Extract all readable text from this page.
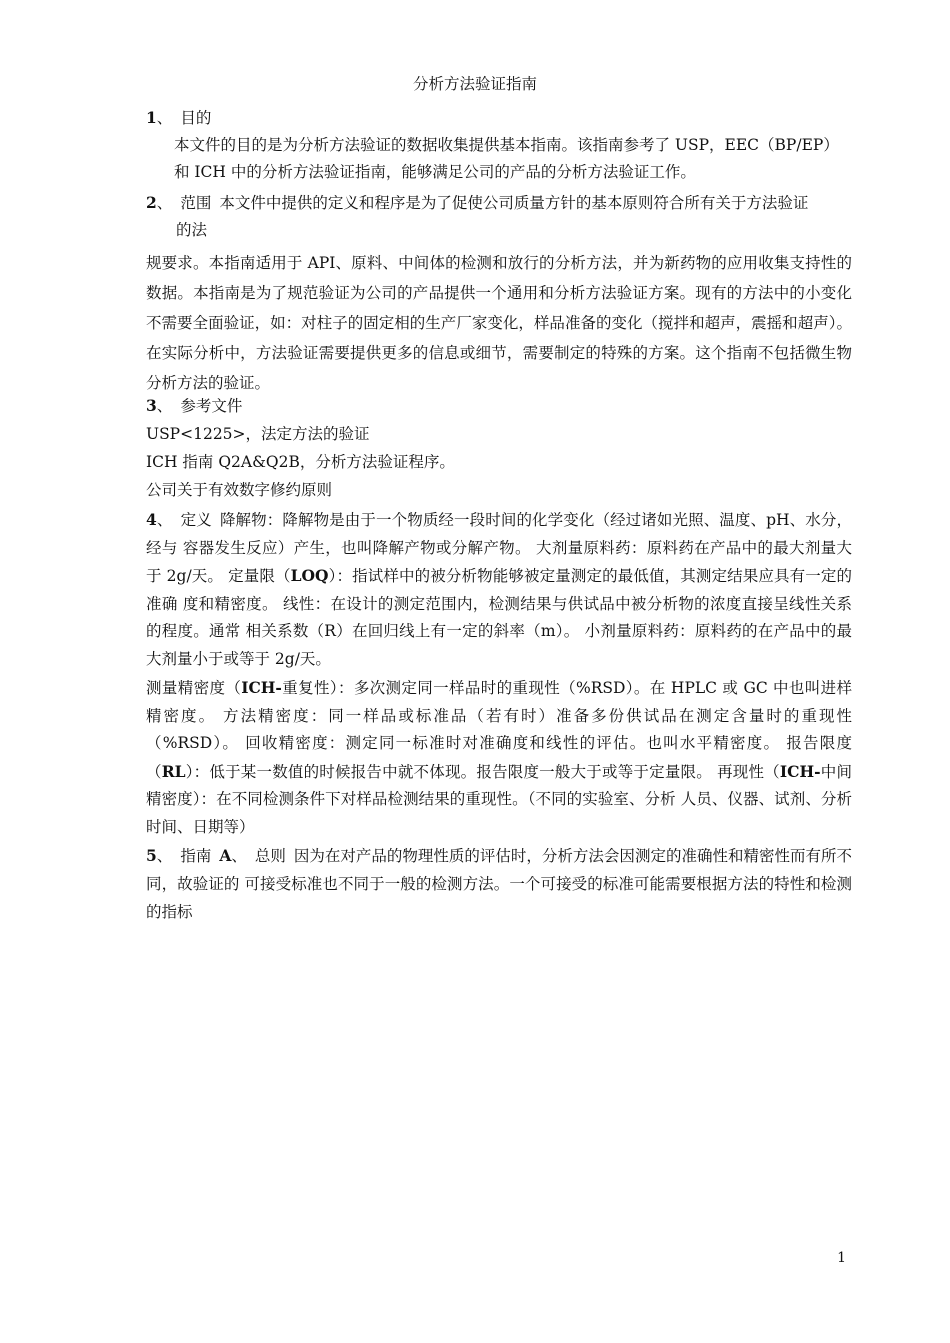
分析方法验证指南
1、 目的
本文件的目的是为分析方法验证的数据收集提供基本指南。该指南参考了 USP，EEC（BP/EP）
和 ICH 中的分析方法验证指南，能够满足公司的产品的分析方法验证工作。
2、 范围 本文件中提供的定义和程序是为了促使公司质量方针的基本原则符合所有关于方法验证
的法
规要求。本指南适用于 API、原料、中间体的检测和放行的分析方法，并为新药物的应用收集支持性的数据。本指南是为了规范验证为公司的产品提供一个通用和分析方法验证方案。现有的方法中的小变化不需要全面验证，如：对柱子的固定相的生产厂家变化，样品准备的变化（搅拌和超声，震摇和超声）。在实际分析中，方法验证需要提供更多的信息或细节，需要制定的特殊的方案。这个指南不包括微生物分析方法的验证。
3、 参考文件
USP<1225>，法定方法的验证
ICH 指南 Q2A&Q2B，分析方法验证程序。
公司关于有效数字修约原则
4、 定义 降解物：降解物是由于一个物质经一段时间的化学变化（经过诸如光照、温度、pH、水分，经与 容器发生反应）产生，也叫降解产物或分解产物。 大剂量原料药：原料药在产品中的最大剂量大于 2g/天。 定量限（LOQ）：指试样中的被分析物能够被定量测定的最低值，其测定结果应具有一定的准确 度和精密度。 线性：在设计的测定范围内，检测结果与供试品中被分析物的浓度直接呈线性关系的程度。通常 相关系数（R）在回归线上有一定的斜率（m）。 小剂量原料药：原料药的在产品中的最大剂量小于或等于 2g/天。
测量精密度（ICH-重复性）：多次测定同一样品时的重现性（%RSD）。在 HPLC 或 GC 中也叫进样精密度。 方法精密度：同一样品或标准品（若有时）准备多份供试品在测定含量时的重现性（%RSD）。 回收精密度：测定同一标准时对准确度和线性的评估。也叫水平精密度。 报告限度（RL）：低于某一数值的时候报告中就不体现。报告限度一般大于或等于定量限。 再现性（ICH-中间精密度）：在不同检测条件下对样品检测结果的重现性。（不同的实验室、分析 人员、仪器、试剂、分析时间、日期等）
5、 指南 A、 总则 因为在对产品的物理性质的评估时，分析方法会因测定的准确性和精密性而有所不同，故验证的 可接受标准也不同于一般的检测方法。一个可接受的标准可能需要根据方法的特性和检测的指标
1
